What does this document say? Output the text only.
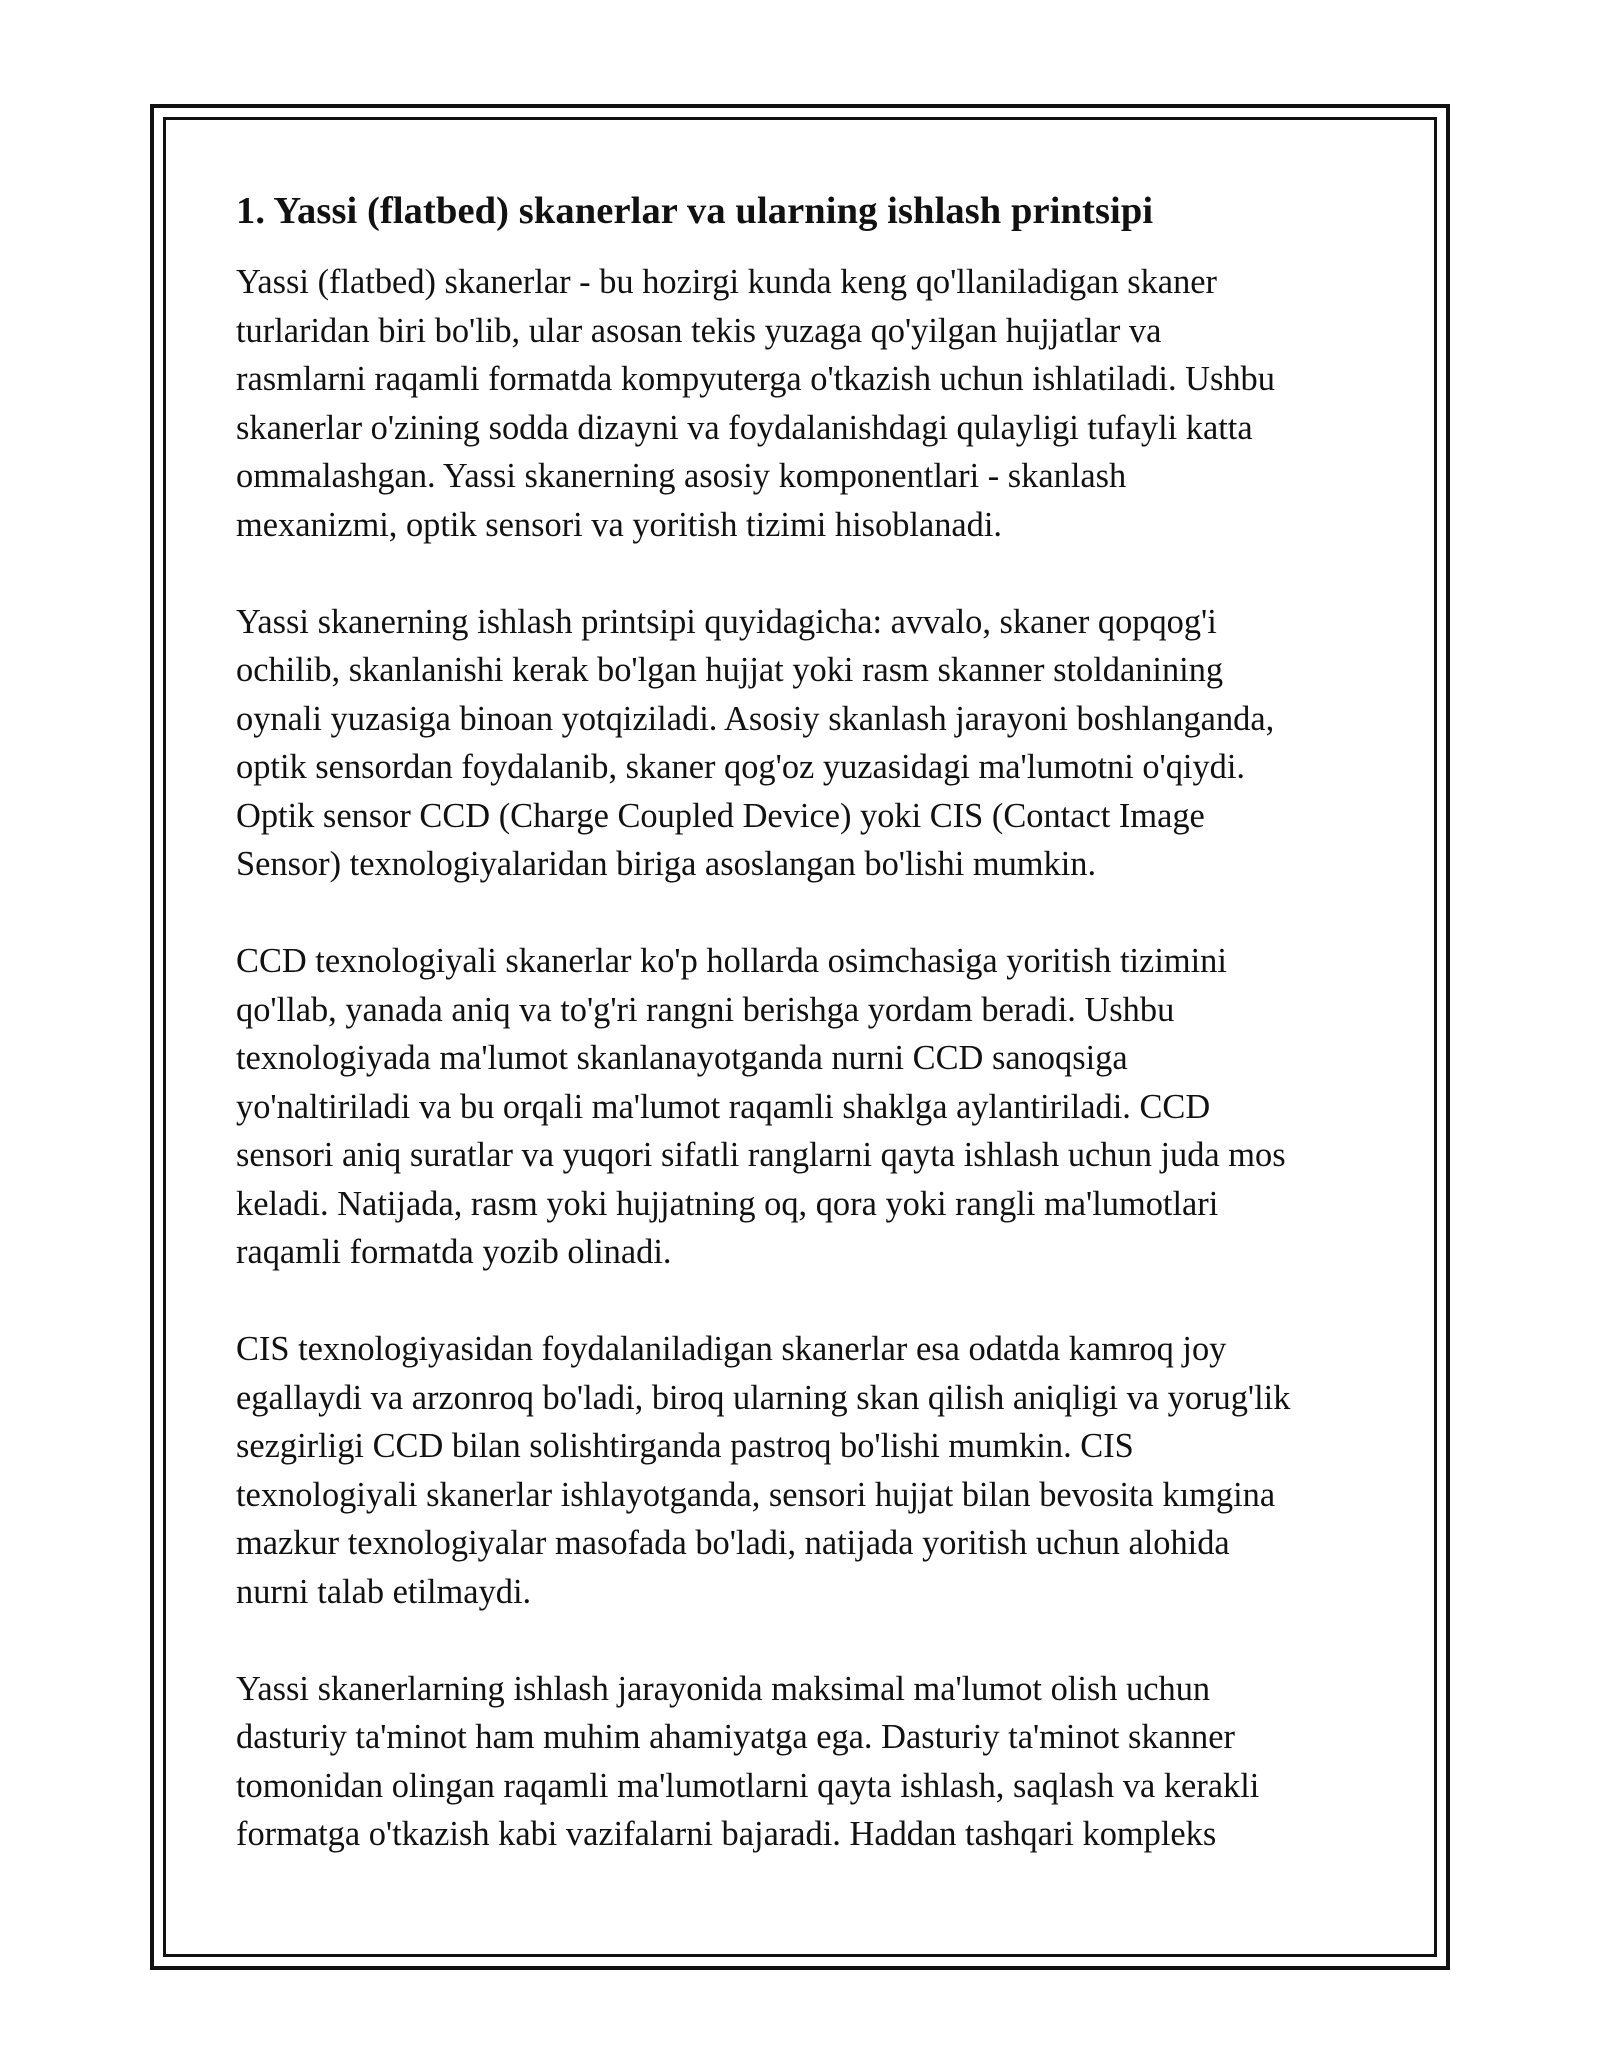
1. Yassi (flatbed) skanerlar va ularning ishlash printsipi

Yassi (flatbed) skanerlar - bu hozirgi kunda keng qo'llaniladigan skaner
turlaridan biri bo'lib, ular asosan tekis yuzaga qo'yilgan hujjatlar va
rasmlarni raqamli formatda kompyuterga o'tkazish uchun ishlatiladi. Ushbu
skanerlar o'zining sodda dizayni va foydalanishdagi qulayligi tufayli katta
ommalashgan. Yassi skanerning asosiy komponentlari - skanlash
mexanizmi, optik sensori va yoritish tizimi hisoblanadi.

Yassi skanerning ishlash printsipi quyidagicha: avvalo, skaner qopqog'i
ochilib, skanlanishi kerak bo'lgan hujjat yoki rasm skanner stoldanining
oynali yuzasiga binoan yotqiziladi. Asosiy skanlash jarayoni boshlanganda,
optik sensordan foydalanib, skaner qog'oz yuzasidagi ma'lumotni o'qiydi.
Optik sensor CCD (Charge Coupled Device) yoki CIS (Contact Image
Sensor) texnologiyalaridan biriga asoslangan bo'lishi mumkin.

CCD texnologiyali skanerlar ko'p hollarda osimchasiga yoritish tizimini
qo'llab, yanada aniq va to'g'ri rangni berishga yordam beradi. Ushbu
texnologiyada ma'lumot skanlanayotganda nurni CCD sanoqsiga
yo'naltiriladi va bu orqali ma'lumot raqamli shaklga aylantiriladi. CCD
sensori aniq suratlar va yuqori sifatli ranglarni qayta ishlash uchun juda mos
keladi. Natijada, rasm yoki hujjatning oq, qora yoki rangli ma'lumotlari
raqamli formatda yozib olinadi.

CIS texnologiyasidan foydalaniladigan skanerlar esa odatda kamroq joy
egallaydi va arzonroq bo'ladi, biroq ularning skan qilish aniqligi va yorug'lik
sezgirligi CCD bilan solishtirganda pastroq bo'lishi mumkin. CIS
texnologiyali skanerlar ishlayotganda, sensori hujjat bilan bevosita kımgina
mazkur texnologiyalar masofada bo'ladi, natijada yoritish uchun alohida
nurni talab etilmaydi.

Yassi skanerlarning ishlash jarayonida maksimal ma'lumot olish uchun
dasturiy ta'minot ham muhim ahamiyatga ega. Dasturiy ta'minot skanner
tomonidan olingan raqamli ma'lumotlarni qayta ishlash, saqlash va kerakli
formatga o'tkazish kabi vazifalarni bajaradi. Haddan tashqari kompleks
